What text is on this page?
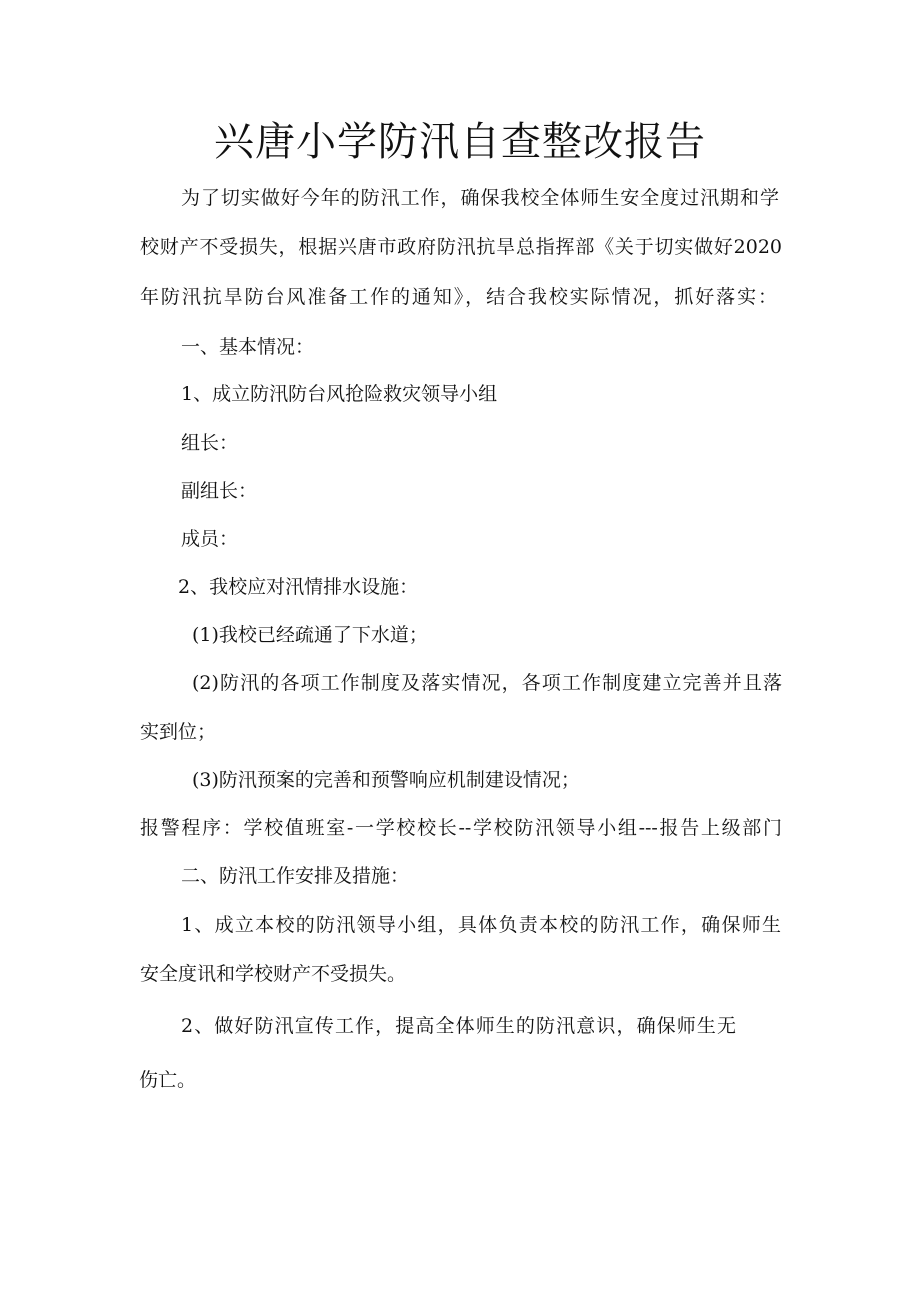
兴唐小学防汛自查整改报告

为了切实做好今年的防汛工作，确保我校全体师生安全度过汛期和学

校财产不受损失，根据兴唐市政府防汛抗旱总指挥部《关于切实做好2020

年防汛抗旱防台风准备工作的通知》，结合我校实际情况，抓好落实：

一、基本情况：

1、成立防汛防台风抢险救灾领导小组

组长：

副组长：

成员：

2、我校应对汛情排水设施：

(1)我校已经疏通了下水道；

(2)防汛的各项工作制度及落实情况，各项工作制度建立完善并且落

实到位；

(3)防汛预案的完善和预警响应机制建设情况；

报警程序：学校值班室-一学校校长--学校防汛领导小组---报告上级部门

二、防汛工作安排及措施：

1、成立本校的防汛领导小组，具体负责本校的防汛工作，确保师生

安全度讯和学校财产不受损失。

2、做好防汛宣传工作，提高全体师生的防汛意识，确保师生无

伤亡。
